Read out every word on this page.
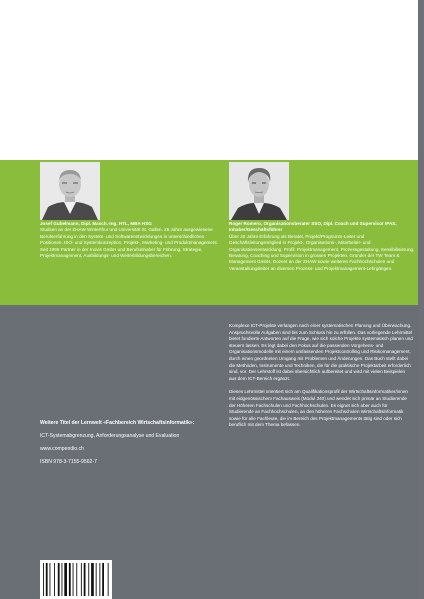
Josef Gubelmann, Dipl. Masch.-Ing. HTL, MBA HSG
Studium an der ZHAW Winterthur und Universität St. Gallen. 25 Jahre ausgewiesene Berufserfahrung in den System- und Softwareentwicklungen in unterschiedlichen Positionen. ISO- und Systemkonzeption, Projekt-, Marketing- und Produktmanagement. Seit 1996 Partner in der Inovis GmbH und Berufsinhaber für Führung, Strategie, Projektmanagement, Ausbildungs- und Weiterbildungsbereichen.
Roger Romero, Organisationsberater SSO, Dipl. Coach und Supervisor IPAS, Inhaber/Geschäftsführer
Über 20 Jahre Erfahrung als Berater, Projekt/Programm-Leiter und Geschäftsleitungsmitglied in Projekt-, Organisations-, Mitarbeiter- und Organisationsentwicklung. Profil: Projektmanagement, Prozessgestaltung, Sensibilisierung, Beratung, Coaching und Supervision in grossen Projekten. Gründer der TW Team & Management GmbH, Dozent an der ZHAW sowie weiteren Fachhochschulen und Veranstaltungsleiter an diversen Prozess- und Projektmanagement-Lehrgängen.
Weitere Titel der Lernwelt «Fachbereich Wirtschaftsinformatik»:
ICT-Systemabgrenzung, Anforderungsanalyse und Evaluation
www.compendio.ch
ISBN 978-3-7155-9562-7

Komplexe ICT-Projekte verlangen nach einer systematischen Planung und Überwachung. Anspruchsvolle Aufgaben sind bis zum Schluss hin zu erfüllen. Das vorliegende Lehrmittel bietet fundierte Antworten auf die Frage, wie sich solche Projekte systematisch planen und steuern lassen. Es legt dabei den Fokus auf die passenden Vorgehens- und Organisationsmodelle mit einem umfassenden Projektcontrolling und Risikomanagement, durch einen geordneten Umgang mit Problemen und Änderungen. Das Buch stellt dabei die Methoden, Instrumente und Techniken, die für die praktische Projektarbeit erforderlich sind, vor. Der Lehrstoff ist dabei übersichtlich aufbereitet und wird mit vielen Beispielen aus dem ICT-Bereich ergänzt.

Dieses Lehrmittel orientiert sich am Qualifikationsprofil der Wirtschaftsinformatiker/innen mit eidgenössischem Fachausweis (Modul 340) und wendet sich primär an Studierende der Höheren Fachschulen und Fachhochschulen. Es eignet sich aber auch für Studierende an Fachhochschulen, an den höheren Fachschulen Wirtschaftsinformatik sowie für alle Fachleute, die im Bereich des Projektmanagements tätig sind oder sich beruflich mit dem Thema befassen.
